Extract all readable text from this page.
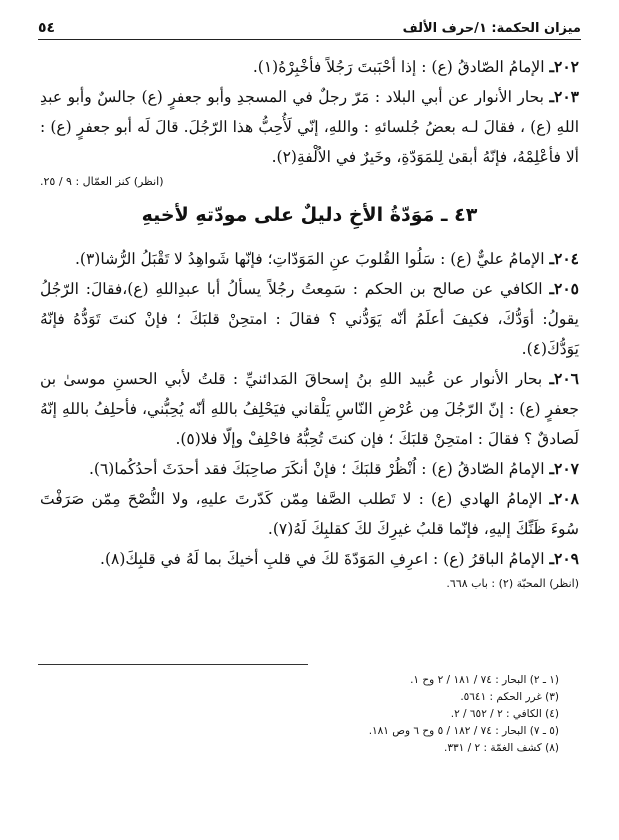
ميزان الحكمة: ١/حرف الألف
٥٤

٢٠٢ـ الإمامُ الصّادقُ (ع) : إذا أحْبَبتَ رَجُلاً فأخْبِرْهُ(١).

٢٠٣ـ بحار الأنوار عن أبي البلاد : مَرّ رجلٌ في المسجدِ وأبو جعفرٍ (ع) جالسٌ وأبو عبدِ اللهِ (ع) ، فقالَ لـه بعضُ جُلسائهِ : واللهِ، إنّي لَأُحِبُّ هذا الرّجُلَ. قالَ لَه أبو جعفرٍ (ع) : ألا فأعْلِمْهُ، فإنّهُ أبقىٰ لِلمَوَدّةِ، وخَيرٌ في الاُلْفةِ(٢).

(انظر) كنز العمّال : ٩ / ٢٥.
٤٣ ـ مَوَدّةُ الأخِ دليلٌ على مودّتهِ لأخيهِ

٢٠٤ـ الإمامُ عليٌّ (ع) : سَلُوا القُلوبَ عنِ المَوَدّاتِ؛ فإنّها شَواهِدُ لا تَقْبَلُ الرُّشا(٣).

٢٠٥ـ الكافي عن صالح بن الحكم : سَمِعتُ رجُلاً يسألُ أبا عبدِاللهِ (ع)،فقالَ: الرّجُلُ يقولُ: أوَدُّكَ، فكيفَ أعلَمُ أنّه يَوَدُّني ؟ فقالَ : امتحِنْ قلبَكَ ؛ فإنْ كنتَ تَوَدُّهُ فإنّهُ يَوَدُّكَ(٤).

٢٠٦ـ بحار الأنوار عن عُبيد اللهِ بنُ إسحاقَ المَدائنيِّ : قلتُ لأبي الحسنِ موسىٰ بن جعفرٍ (ع) : إنّ الرّجُلَ مِن عُرْضِ النّاسِ يَلْقاني فيَحْلِفُ باللهِ أنّه يُحِبُّني، فأحلِفُ باللهِ إنّهُ لَصادقٌ ؟ فقالَ : امتحِنْ قلبَكَ ؛ فإن كنتَ تُحِبُّهُ فاحْلِفْ وإلّا فلا(٥).

٢٠٧ـ الإمامُ الصّادقُ (ع) : اُنْظُرْ قلبَكَ ؛ فإنْ أنكَرَ صاحِبَكَ فقد أحدَثَ أحدُكُما(٦).

٢٠٨ـ الإمامُ الهادي (ع) : لا تَطلب الصَّفا مِمّن كَدّرتَ عليهِ، ولا النُّصْحَ مِمّن صَرَفْتَ سُوءَ ظَنِّكَ إليهِ، فإنّما قلبُ غيرِكَ لكَ كقلبِكَ لَهُ(٧).

٢٠٩ـ الإمامُ الباقرُ (ع) : اعرِفِ المَوَدّةَ لكَ في قلبِ أخيكَ بما لَهُ في قلبِكَ(٨).

(انظر) المحبّة (٢) : باب ٦٦٨.
(١ ـ ٢) البحار : ٧٤ / ١٨١ / ٢ وح ١.
(٣) غرر الحكم : ٥٦٤١.
(٤) الكافي : ٢ / ٦٥٢ / ٢.
(٥ ـ ٧) البحار : ٧٤ / ١٨٢ / ٥ وح ٦ وص ١٨١.
(٨) كشف الغمّة : ٢ / ٣٣١.
